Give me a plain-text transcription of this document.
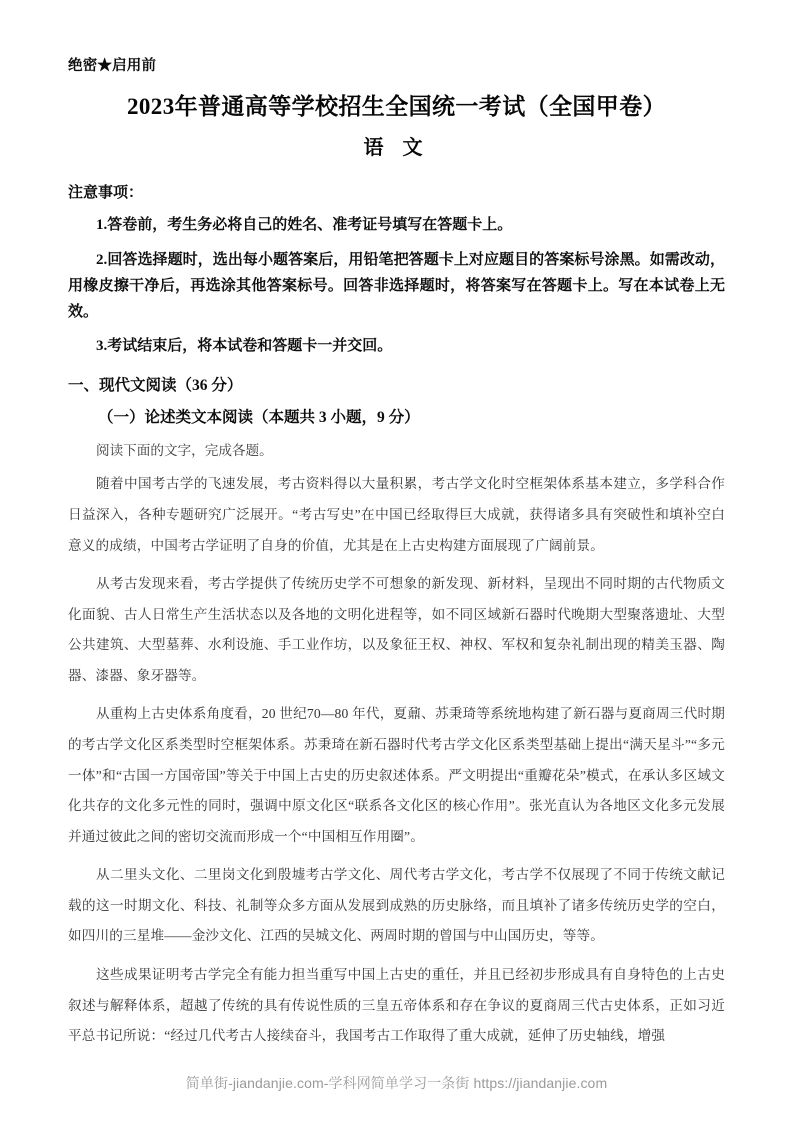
绝密★启用前

2023年普通高等学校招生全国统一考试（全国甲卷）
语 文

注意事项：

1.答卷前，考生务必将自己的姓名、准考证号填写在答题卡上。

2.回答选择题时，选出每小题答案后，用铅笔把答题卡上对应题目的答案标号涂黑。如需改动，用橡皮擦干净后，再选涂其他答案标号。回答非选择题时，将答案写在答题卡上。写在本试卷上无效。

3.考试结束后，将本试卷和答题卡一并交回。

一、现代文阅读（36 分）

（一）论述类文本阅读（本题共 3 小题，9 分）

阅读下面的文字，完成各题。

随着中国考古学的飞速发展，考古资料得以大量积累，考古学文化时空框架体系基本建立，多学科合作日益深入，各种专题研究广泛展开。“考古写史”在中国已经取得巨大成就，获得诸多具有突破性和填补空白意义的成绩，中国考古学证明了自身的价值，尤其是在上古史构建方面展现了广阔前景。

从考古发现来看，考古学提供了传统历史学不可想象的新发现、新材料，呈现出不同时期的古代物质文化面貌、古人日常生产生活状态以及各地的文明化进程等，如不同区域新石器时代晚期大型聚落遗址、大型公共建筑、大型墓葬、水利设施、手工业作坊，以及象征王权、神权、军权和复杂礼制出现的精美玉器、陶器、漆器、象牙器等。

从重构上古史体系角度看，20 世纪70—80 年代，夏鼐、苏秉琦等系统地构建了新石器与夏商周三代时期的考古学文化区系类型时空框架体系。苏秉琦在新石器时代考古学文化区系类型基础上提出“满天星斗”“多元一体”和“古国一方国帝国”等关于中国上古史的历史叙述体系。严文明提出“重瓣花朵”模式，在承认多区域文化共存的文化多元性的同时，强调中原文化区“联系各文化区的核心作用”。张光直认为各地区文化多元发展并通过彼此之间的密切交流而形成一个“中国相互作用圈”。

从二里头文化、二里岗文化到殷墟考古学文化、周代考古学文化，考古学不仅展现了不同于传统文献记载的这一时期文化、科技、礼制等众多方面从发展到成熟的历史脉络，而且填补了诸多传统历史学的空白，如四川的三星堆——金沙文化、江西的吴城文化、两周时期的曾国与中山国历史，等等。

这些成果证明考古学完全有能力担当重写中国上古史的重任，并且已经初步形成具有自身特色的上古史叙述与解释体系，超越了传统的具有传说性质的三皇五帝体系和存在争议的夏商周三代古史体系，正如习近平总书记所说：“经过几代考古人接续奋斗，我国考古工作取得了重大成就，延伸了历史轴线，增强

简单街-jiandanjie.com-学科网简单学习一条街 https://jiandanjie.com
